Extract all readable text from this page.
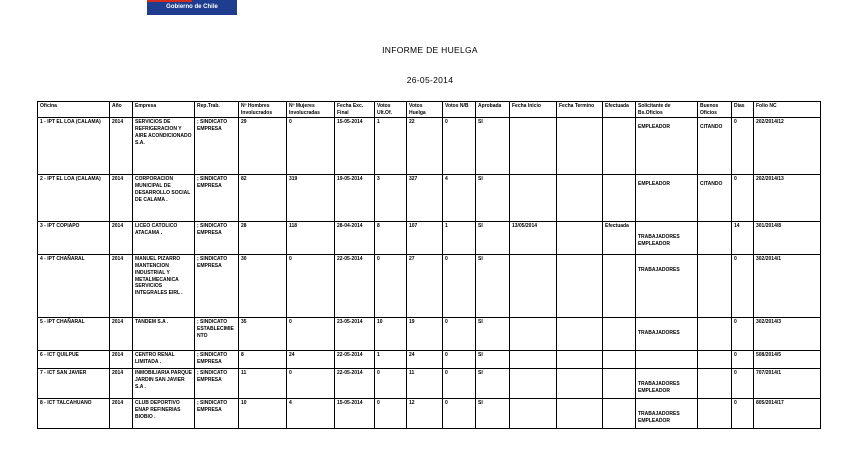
Gobierno de Chile
INFORME DE HUELGA
26-05-2014
Oficina	Año	Empresa	Rep.Trab.	Nº Hombres Involucrados	Nº Mujeres Involucradas	Fecha Exc. Final	Votos Ult.Of.	Votos Huelga	Votos N/B	Aprobada	Fecha Inicio	Fecha Termino	Efectuada	Solicitante de Bs.Oficios	Buenos Oficios	Días	Folio NC
1 - IPT EL LOA (CALAMA)	2014	SERVICIOS DE REFRIGERACION Y AIRE ACONDICIONADO S.A.	; SINDICATO EMPRESA	29	0	15-05-2014	1	22	0	SI				EMPLEADOR	CITANDO	0	202/2014/12
2 - IPT EL LOA (CALAMA)	2014	CORPORACION MUNICIPAL DE DESARROLLO SOCIAL DE CALAMA .	; SINDICATO EMPRESA	82	319	19-05-2014	3	327	4	SI				EMPLEADOR	CITANDO	0	202/2014/13
3 - IPT COPIAPO	2014	LICEO CATOLICO ATACAMA .	; SINDICATO EMPRESA	28	118	28-04-2014	8	107	1	SI	13/05/2014		Efectuada	TRABAJADORES EMPLEADOR		14	301/2014/8
4 - IPT CHAÑARAL	2014	MANUEL PIZARRO MANTENCION INDUSTRIAL Y METALMECANICA SERVICIOS INTEGRALES EIRL .	; SINDICATO EMPRESA	30	0	22-05-2014	0	27	0	SI				TRABAJADORES		0	302/2014/1
5 - IPT CHAÑARAL	2014	TANDEM S.A .	; SINDICATO ESTABLECIMIENTO	35	0	23-05-2014	10	19	0	SI				TRABAJADORES		0	302/2014/3
6 - ICT QUILPUE	2014	CENTRO RENAL LIMITADA .	; SINDICATO EMPRESA	8	24	22-05-2014	1	24	0	SI						0	508/2014/5
7 - ICT SAN JAVIER	2014	INMOBILIARIA PARQUE JARDIN SAN JAVIER S.A .	; SINDICATO EMPRESA	11	0	22-05-2014	0	11	0	SI				TRABAJADORES EMPLEADOR		0	707/2014/1
8 - ICT TALCAHUANO	2014	CLUB DEPORTIVO ENAP REFINERIAS BIOBIO .	; SINDICATO EMPRESA	10	4	15-05-2014	0	12	0	SI				TRABAJADORES EMPLEADOR		0	805/2014/17
